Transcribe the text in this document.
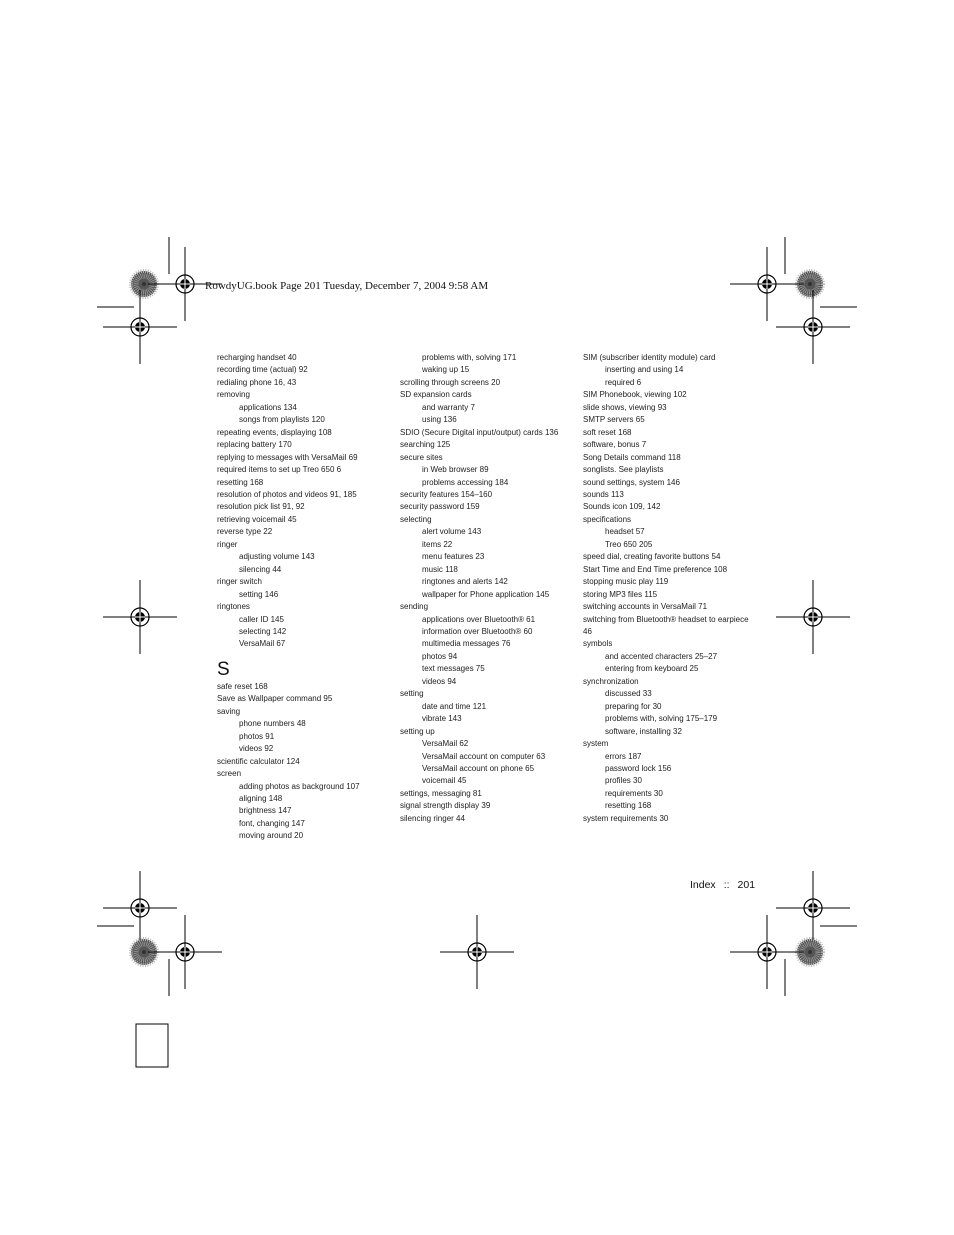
RowdyUG.book Page 201 Tuesday, December 7, 2004 9:58 AM
recharging handset 40
recording time (actual) 92
redialing phone 16, 43
removing
applications 134
songs from playlists 120
repeating events, displaying 108
replacing battery 170
replying to messages with VersaMail 69
required items to set up Treo 650 6
resetting 168
resolution of photos and videos 91, 185
resolution pick list 91, 92
retrieving voicemail 45
reverse type 22
ringer
adjusting volume 143
silencing 44
ringer switch
setting 146
ringtones
caller ID 145
selecting 142
VersaMail 67
S
safe reset 168
Save as Wallpaper command 95
saving
phone numbers 48
photos 91
videos 92
scientific calculator 124
screen
adding photos as background 107
aligning 148
brightness 147
font, changing 147
moving around 20
problems with, solving 171
waking up 15
scrolling through screens 20
SD expansion cards
and warranty 7
using 136
SDIO (Secure Digital input/output) cards 136
searching 125
secure sites
in Web browser 89
problems accessing 184
security features 154–160
security password 159
selecting
alert volume 143
items 22
menu features 23
music 118
ringtones and alerts 142
wallpaper for Phone application 145
sending
applications over Bluetooth® 61
information over Bluetooth® 60
multimedia messages 76
photos 94
text messages 75
videos 94
setting
date and time 121
vibrate 143
setting up
VersaMail 62
VersaMail account on computer 63
VersaMail account on phone 65
voicemail 45
settings, messaging 81
signal strength display 39
silencing ringer 44
SIM (subscriber identity module) card
inserting and using 14
required 6
SIM Phonebook, viewing 102
slide shows, viewing 93
SMTP servers 65
soft reset 168
software, bonus 7
Song Details command 118
songlists. See playlists
sound settings, system 146
sounds 113
Sounds icon 109, 142
specifications
headset 57
Treo 650 205
speed dial, creating favorite buttons 54
Start Time and End Time preference 108
stopping music play 119
storing MP3 files 115
switching accounts in VersaMail 71
switching from Bluetooth® headset to earpiece
46
symbols
and accented characters 25–27
entering from keyboard 25
synchronization
discussed 33
preparing for 30
problems with, solving 175–179
software, installing 32
system
errors 187
password lock 156
profiles 30
requirements 30
resetting 168
system requirements 30
Index :: 201
